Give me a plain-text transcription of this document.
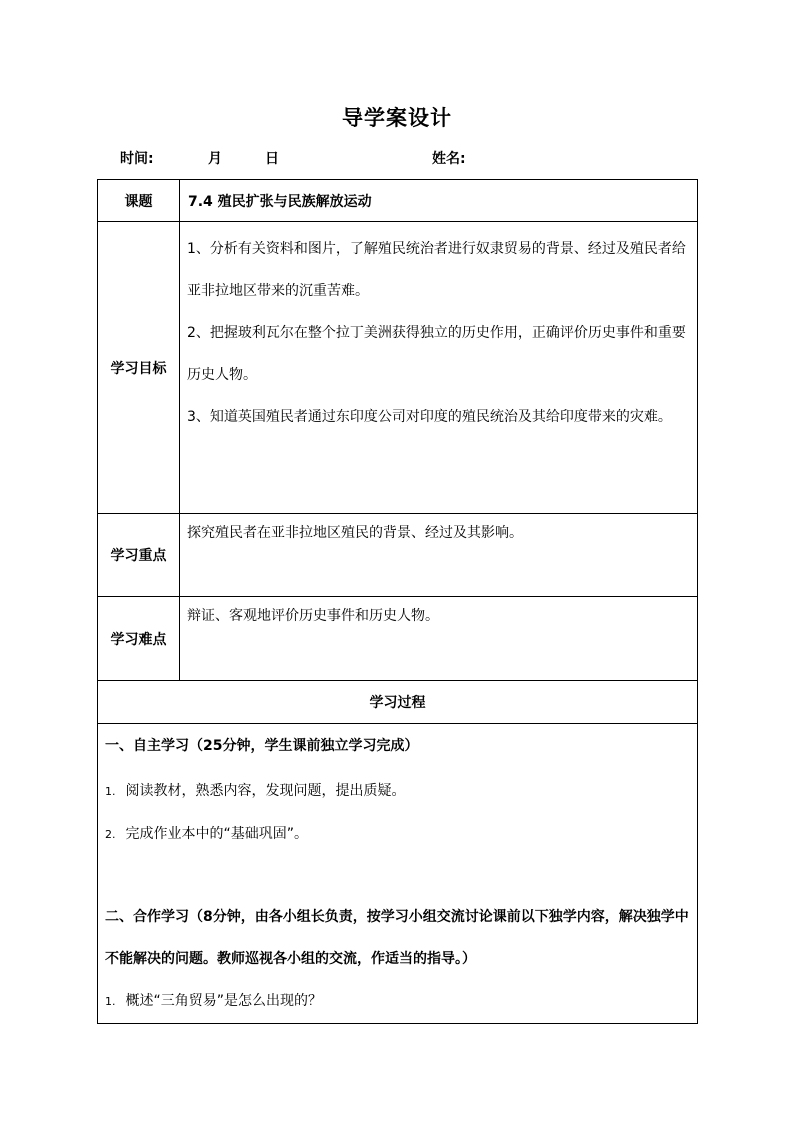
导学案设计
时间:	月	日	姓名:
课题	7.4 殖民扩张与民族解放运动
学习目标	1、分析有关资料和图片，了解殖民统治者进行奴隶贸易的背景、经过及殖民者给亚非拉地区带来的沉重苦难。

2、把握玻利瓦尔在整个拉丁美洲获得独立的历史作用，正确评价历史事件和重要历史人物。

3、知道英国殖民者通过东印度公司对印度的殖民统治及其给印度带来的灾难。

学习重点	探究殖民者在亚非拉地区殖民的背景、经过及其影响。
学习难点	辩证、客观地评价历史事件和历史人物。
学习过程	

一、自主学习（25分钟，学生课前独立学习完成）
1. 阅读教材，熟悉内容，发现问题，提出质疑。
2. 完成作业本中的“基础巩固”。
二、合作学习（8分钟，由各小组长负责，按学习小组交流讨论课前以下独学内容，解决独学中不能解决的问题。教师巡视各小组的交流，作适当的指导。）
1. 概述“三角贸易”是怎么出现的？	
